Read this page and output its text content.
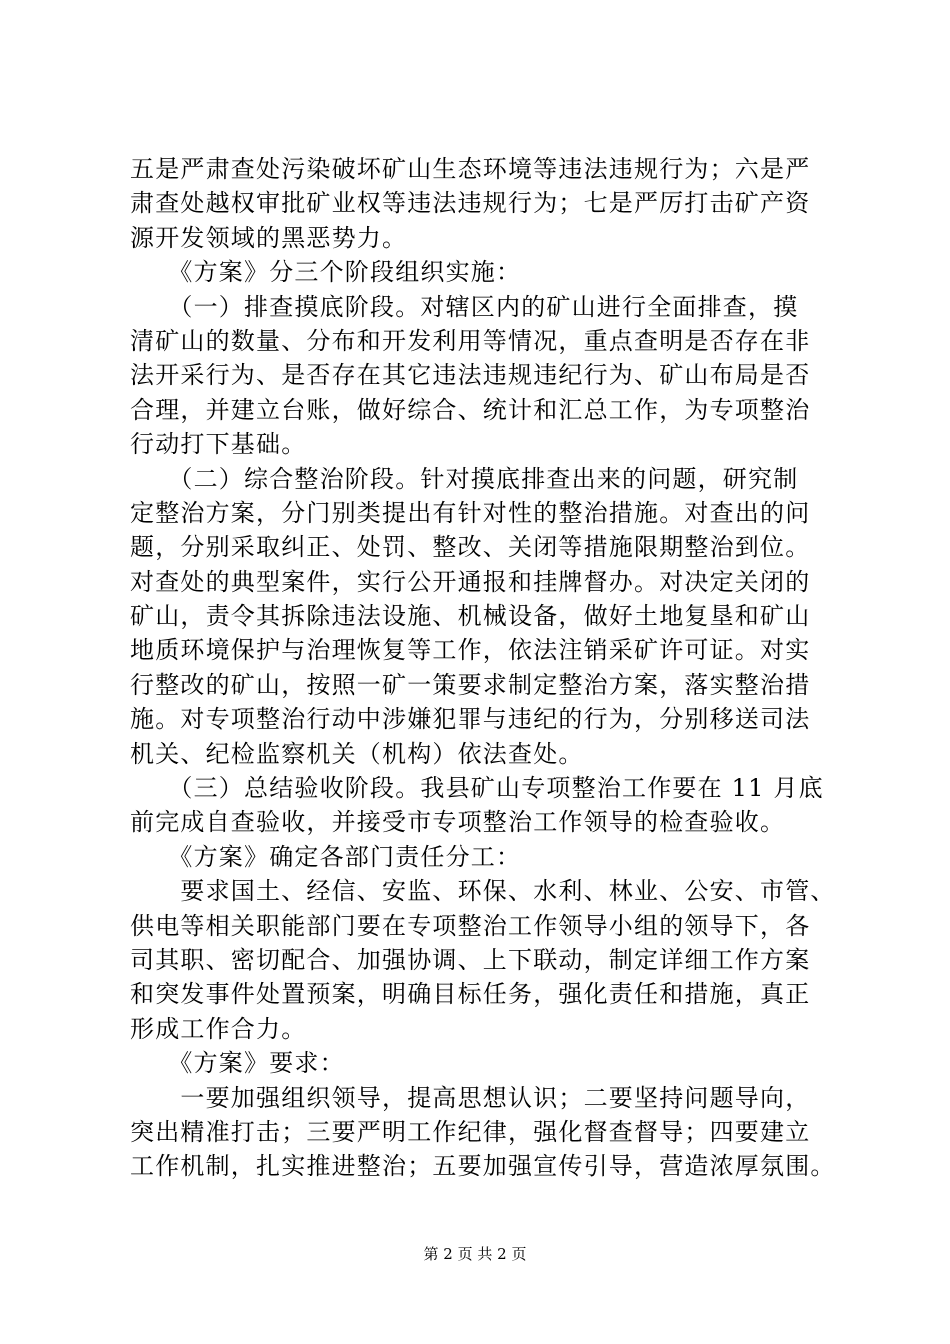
五是严肃查处污染破坏矿山生态环境等违法违规行为；六是严
肃查处越权审批矿业权等违法违规行为；七是严厉打击矿产资
源开发领域的黑恶势力。
　　《方案》分三个阶段组织实施：
　　（一）排查摸底阶段。对辖区内的矿山进行全面排查，摸
清矿山的数量、分布和开发利用等情况，重点查明是否存在非
法开采行为、是否存在其它违法违规违纪行为、矿山布局是否
合理，并建立台账，做好综合、统计和汇总工作，为专项整治
行动打下基础。
　　（二）综合整治阶段。针对摸底排查出来的问题，研究制
定整治方案，分门别类提出有针对性的整治措施。对查出的问
题，分别采取纠正、处罚、整改、关闭等措施限期整治到位。
对查处的典型案件，实行公开通报和挂牌督办。对决定关闭的
矿山，责令其拆除违法设施、机械设备，做好土地复垦和矿山
地质环境保护与治理恢复等工作，依法注销采矿许可证。对实
行整改的矿山，按照一矿一策要求制定整治方案，落实整治措
施。对专项整治行动中涉嫌犯罪与违纪的行为，分别移送司法
机关、纪检监察机关（机构）依法查处。
　　（三）总结验收阶段。我县矿山专项整治工作要在 11 月底
前完成自查验收，并接受市专项整治工作领导的检查验收。
　　《方案》确定各部门责任分工：
　　要求国土、经信、安监、环保、水利、林业、公安、市管、
供电等相关职能部门要在专项整治工作领导小组的领导下，各
司其职、密切配合、加强协调、上下联动，制定详细工作方案
和突发事件处置预案，明确目标任务，强化责任和措施，真正
形成工作合力。
　　《方案》要求：
　　一要加强组织领导，提高思想认识；二要坚持问题导向，
突出精准打击；三要严明工作纪律，强化督查督导；四要建立
工作机制，扎实推进整治；五要加强宣传引导，营造浓厚氛围。
第 2 页 共 2 页
